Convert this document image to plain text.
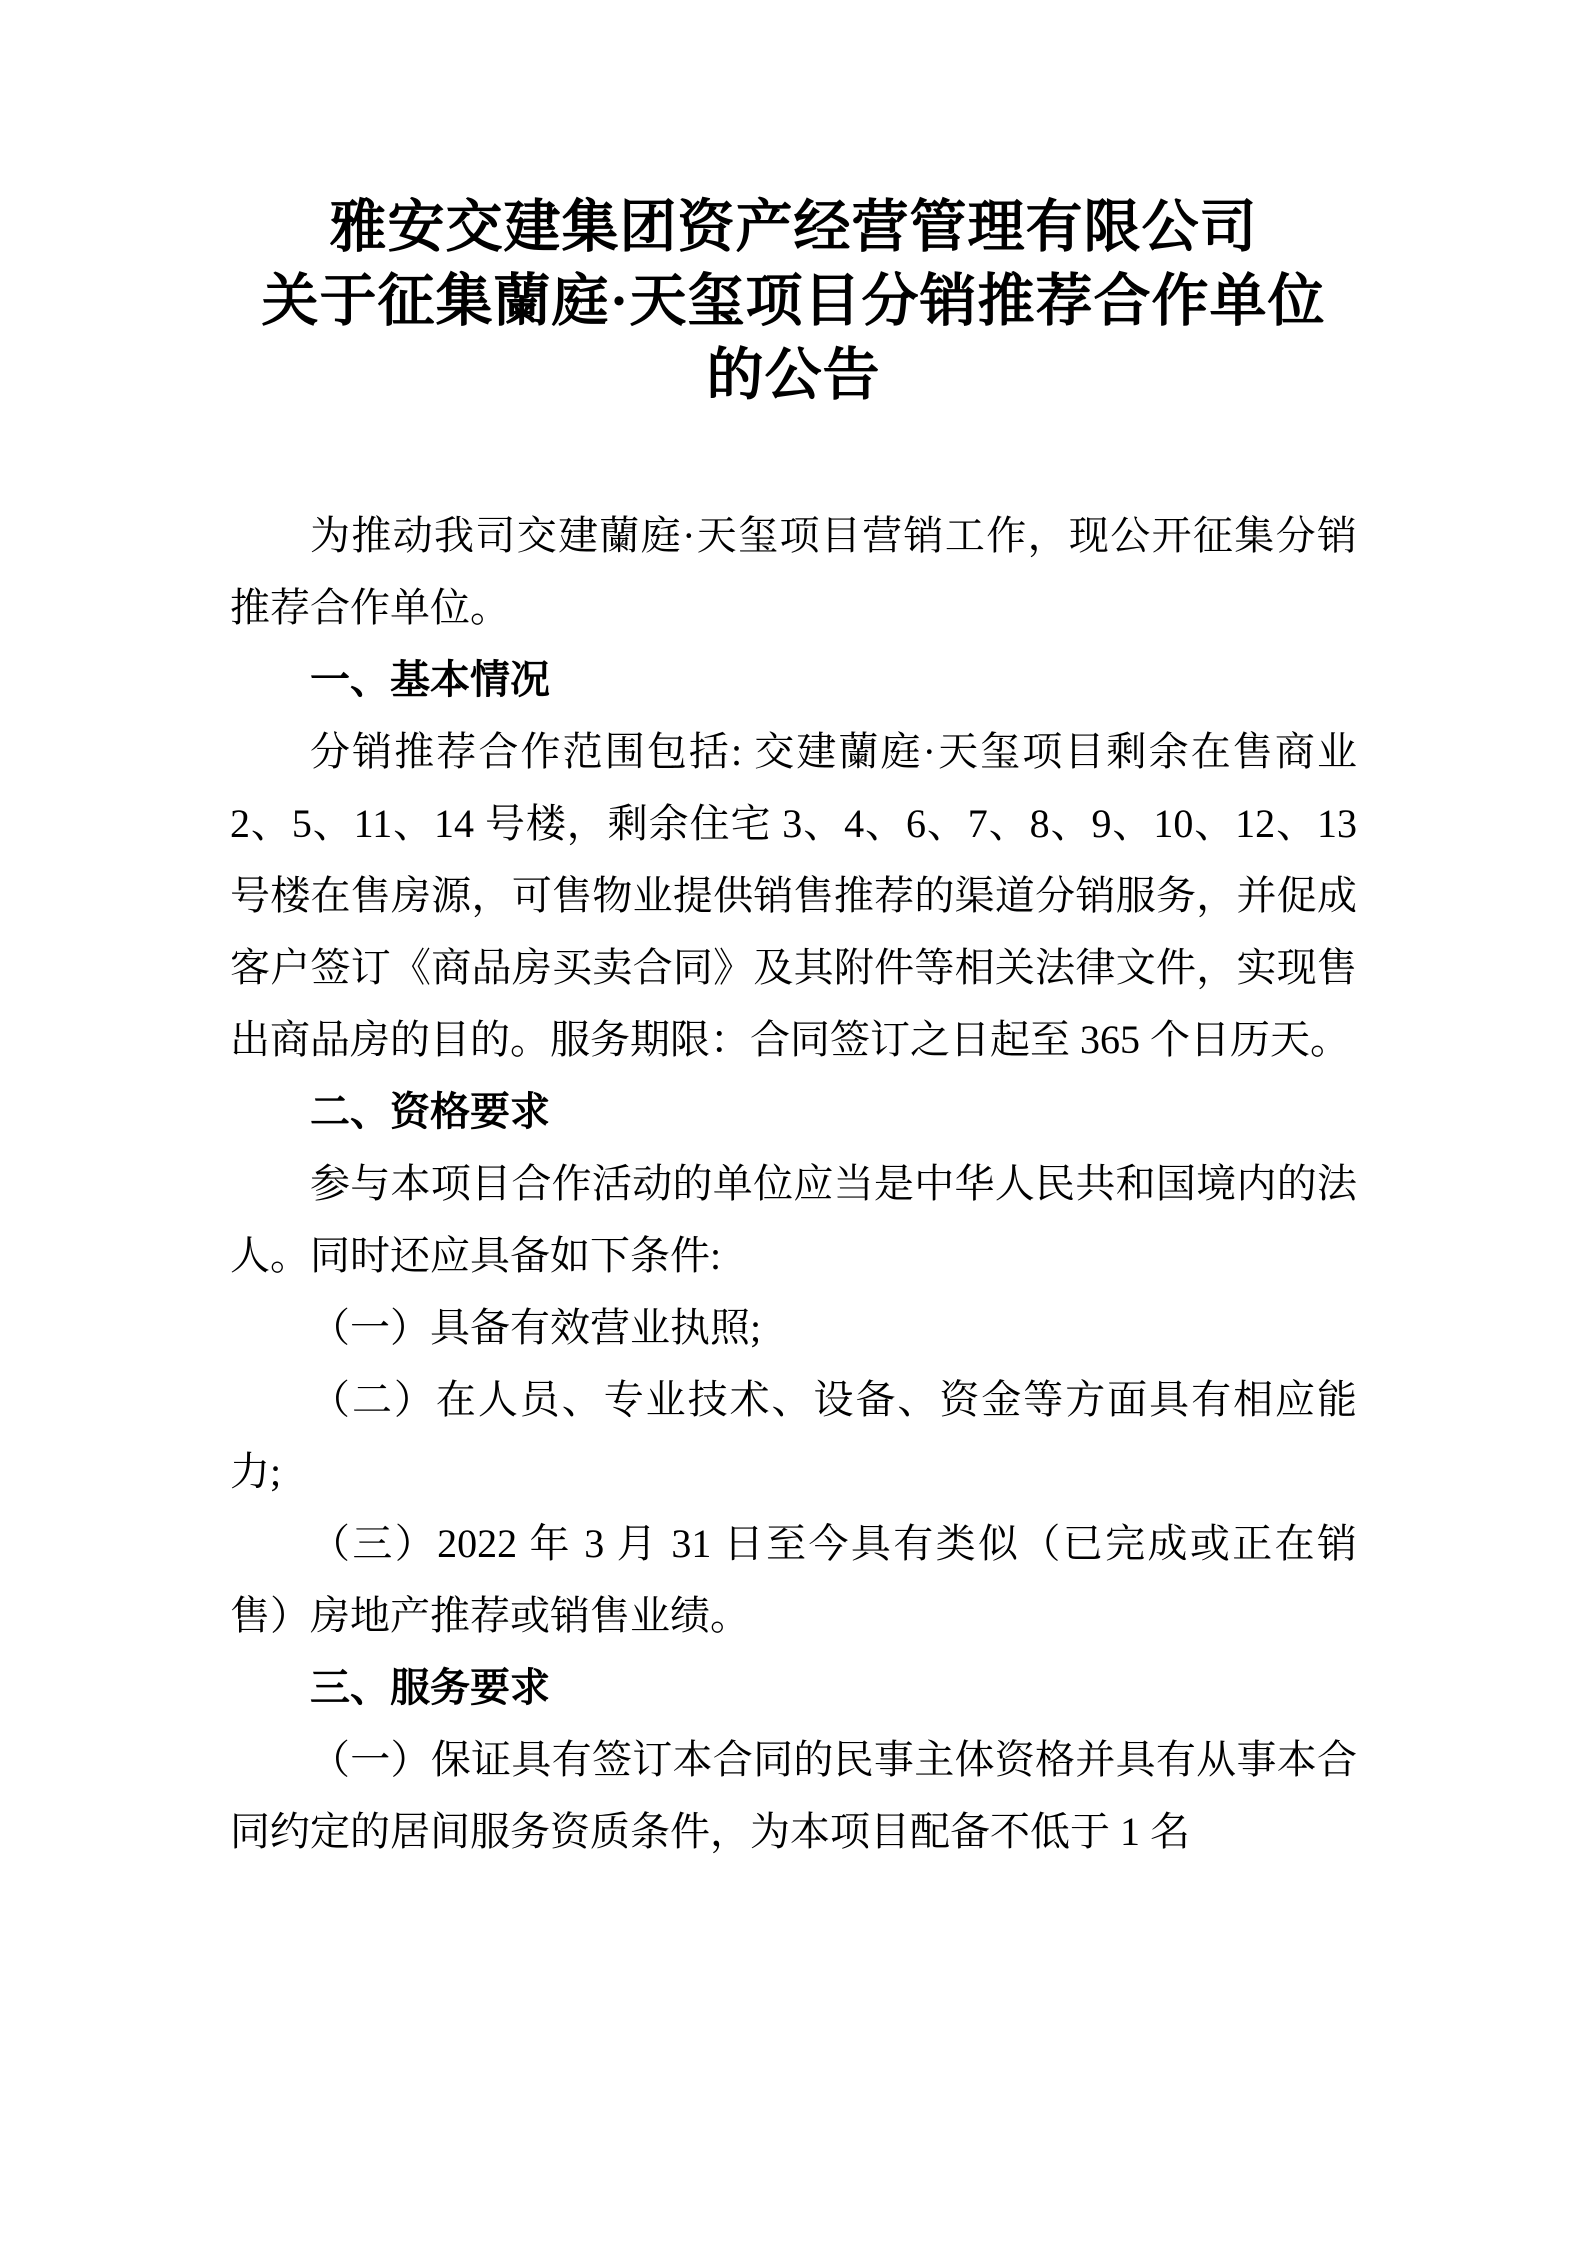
雅安交建集团资产经营管理有限公司
关于征集蘭庭·天玺项目分销推荐合作单位
的公告

为推动我司交建蘭庭·天玺项目营销工作，现公开征集分销推荐合作单位。

一、基本情况

分销推荐合作范围包括: 交建蘭庭·天玺项目剩余在售商业 2、5、11、14 号楼，剩余住宅 3、4、6、7、8、9、10、12、13 号楼在售房源，可售物业提供销售推荐的渠道分销服务，并促成客户签订《商品房买卖合同》及其附件等相关法律文件，实现售出商品房的目的。服务期限：合同签订之日起至 365 个日历天。

二、资格要求

参与本项目合作活动的单位应当是中华人民共和国境内的法人。同时还应具备如下条件:

（一）具备有效营业执照;

（二）在人员、专业技术、设备、资金等方面具有相应能力;

（三）2022 年 3 月 31 日至今具有类似（已完成或正在销售）房地产推荐或销售业绩。

三、服务要求

（一）保证具有签订本合同的民事主体资格并具有从事本合同约定的居间服务资质条件，为本项目配备不低于 1 名
